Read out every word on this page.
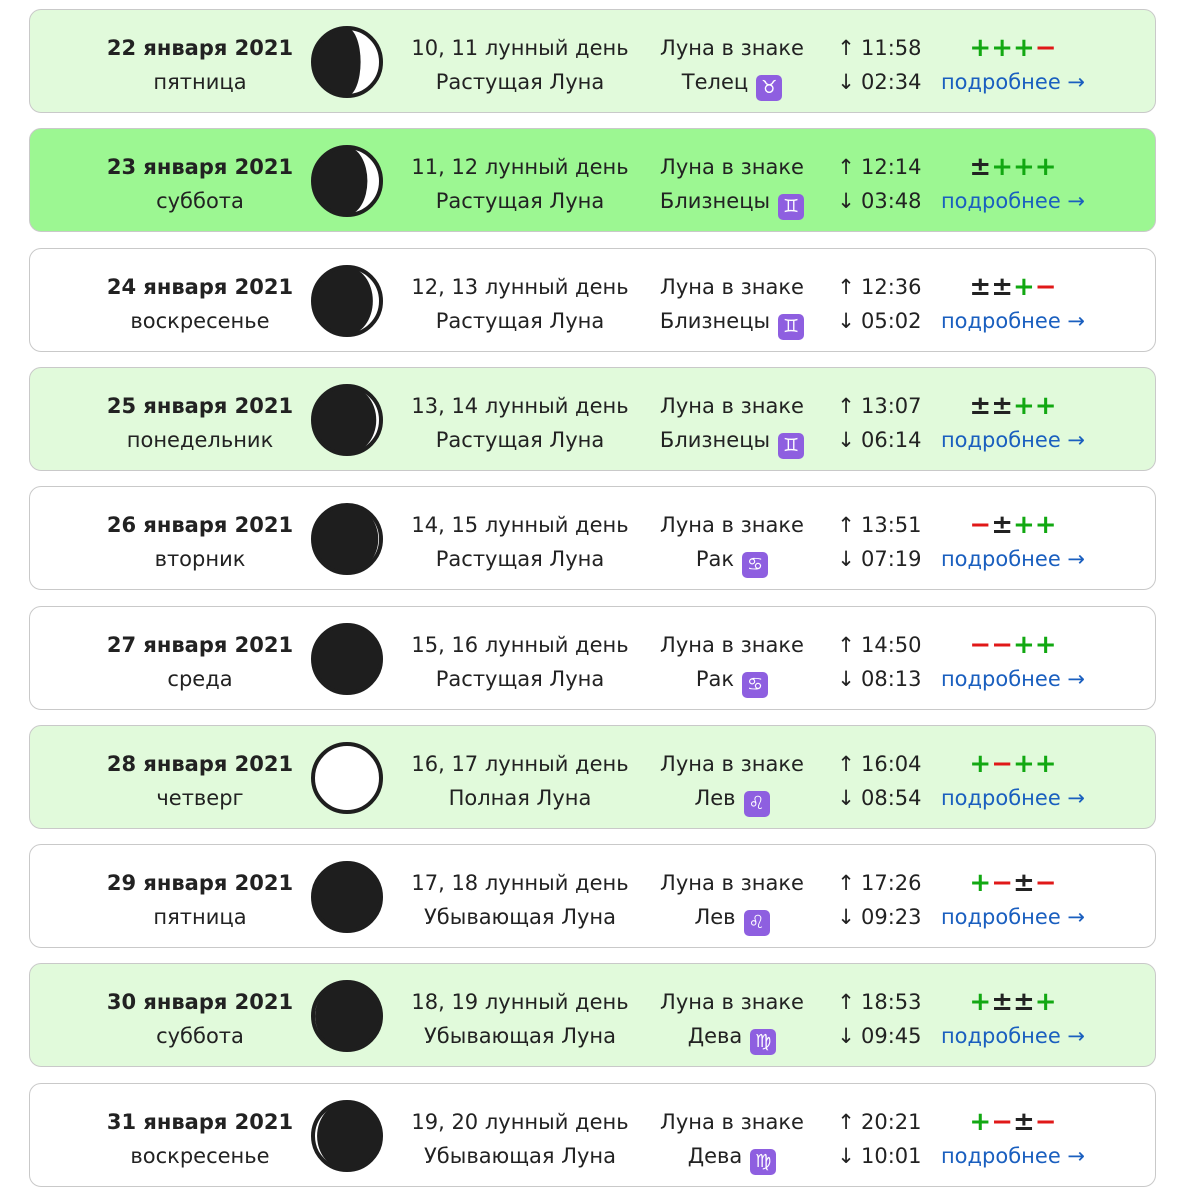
22 января 2021
пятница
10, 11 лунный день
Растущая Луна
Луна в знаке
Телец ♉
↑ 11:58
↓ 02:34
+++−
подробнее →
23 января 2021
суббота
11, 12 лунный день
Растущая Луна
Луна в знаке
Близнецы ♊
↑ 12:14
↓ 03:48
±+++
подробнее →
24 января 2021
воскресенье
12, 13 лунный день
Растущая Луна
Луна в знаке
Близнецы ♊
↑ 12:36
↓ 05:02
±±+−
подробнее →
25 января 2021
понедельник
13, 14 лунный день
Растущая Луна
Луна в знаке
Близнецы ♊
↑ 13:07
↓ 06:14
±±++
подробнее →
26 января 2021
вторник
14, 15 лунный день
Растущая Луна
Луна в знаке
Рак ♋
↑ 13:51
↓ 07:19
−±++
подробнее →
27 января 2021
среда
15, 16 лунный день
Растущая Луна
Луна в знаке
Рак ♋
↑ 14:50
↓ 08:13
−−++
подробнее →
28 января 2021
четверг
16, 17 лунный день
Полная Луна
Луна в знаке
Лев ♌
↑ 16:04
↓ 08:54
+−++
подробнее →
29 января 2021
пятница
17, 18 лунный день
Убывающая Луна
Луна в знаке
Лев ♌
↑ 17:26
↓ 09:23
+−±−
подробнее →
30 января 2021
суббота
18, 19 лунный день
Убывающая Луна
Луна в знаке
Дева ♍
↑ 18:53
↓ 09:45
+±±+
подробнее →
31 января 2021
воскресенье
19, 20 лунный день
Убывающая Луна
Луна в знаке
Дева ♍
↑ 20:21
↓ 10:01
+−±−
подробнее →
